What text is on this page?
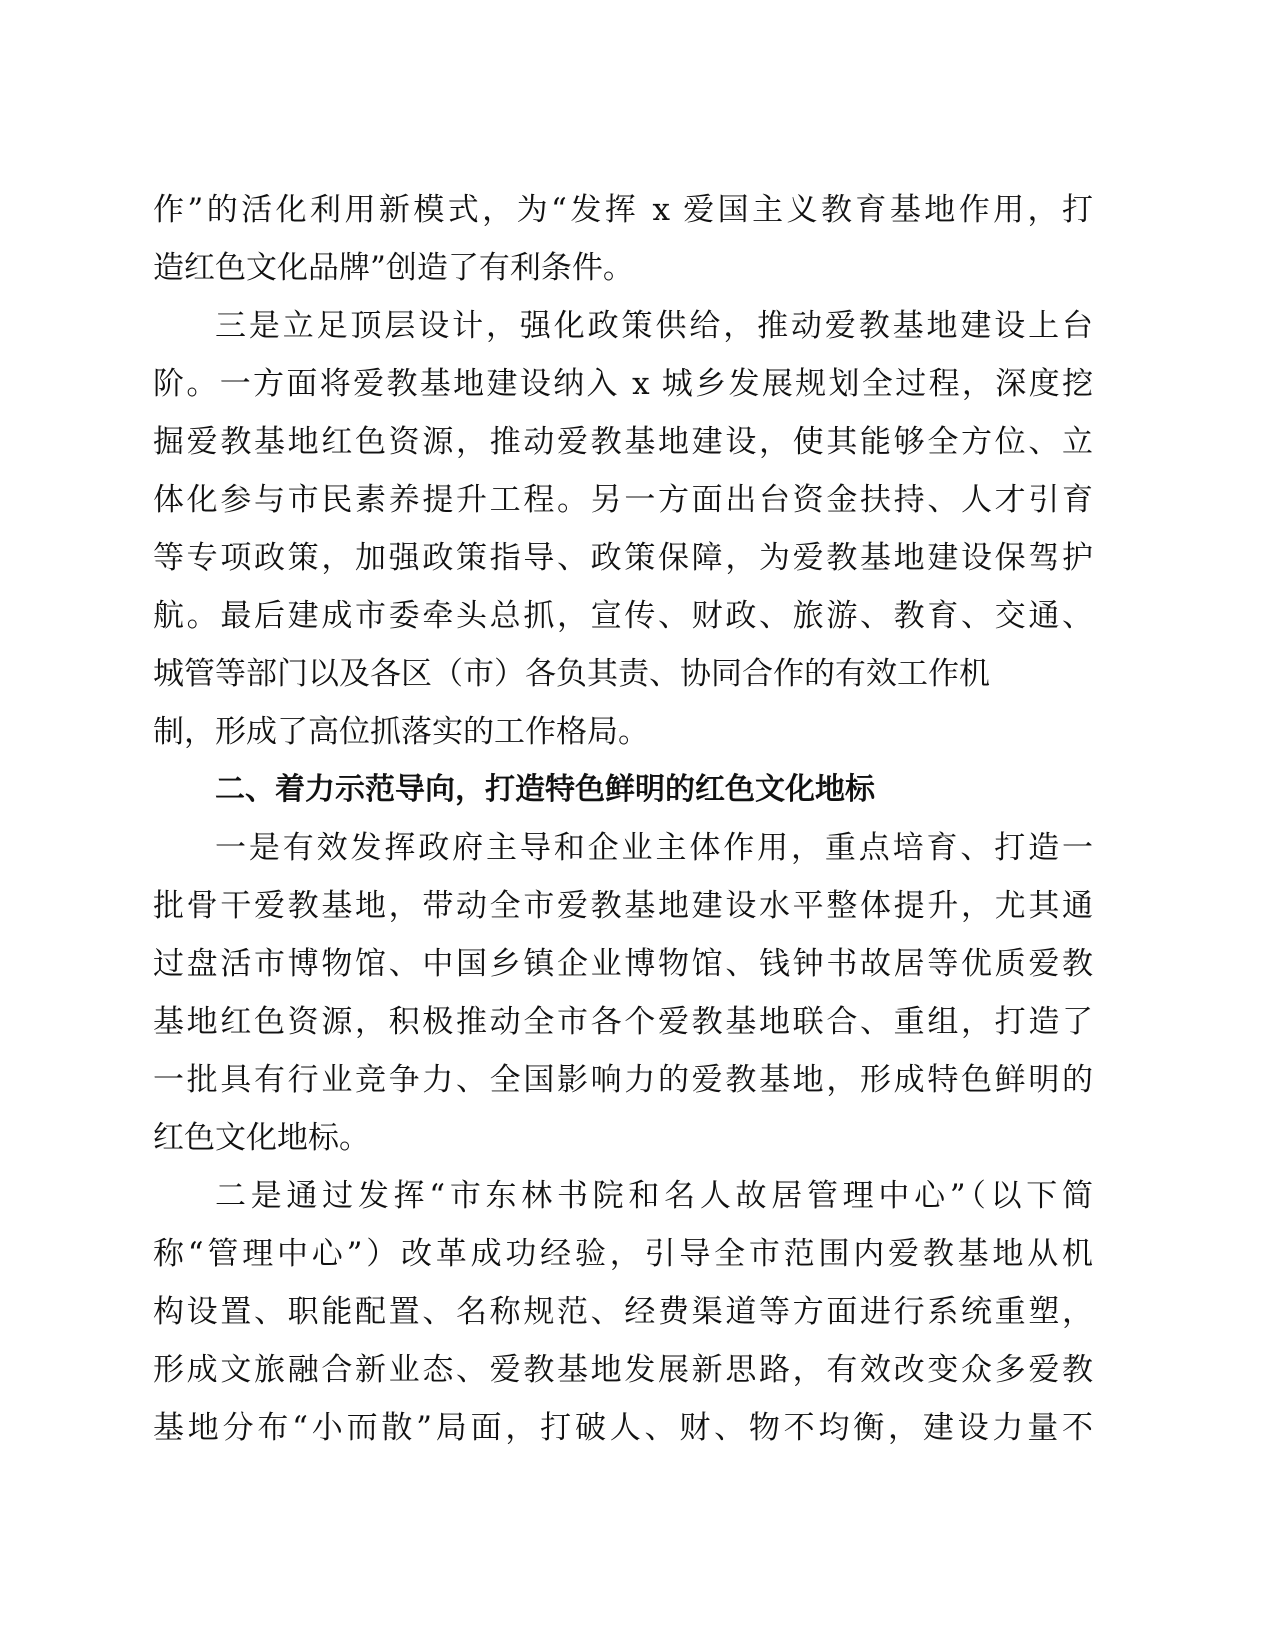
作”的活化利用新模式，为“发挥 x 爱国主义教育基地作用，打
造红色文化品牌”创造了有利条件。
三是立足顶层设计，强化政策供给，推动爱教基地建设上台
阶。一方面将爱教基地建设纳入 x 城乡发展规划全过程，深度挖
掘爱教基地红色资源，推动爱教基地建设，使其能够全方位、立
体化参与市民素养提升工程。另一方面出台资金扶持、人才引育
等专项政策，加强政策指导、政策保障，为爱教基地建设保驾护
航。最后建成市委牵头总抓，宣传、财政、旅游、教育、交通、
城管等部门以及各区（市）各负其责、协同合作的有效工作机
制，形成了高位抓落实的工作格局。
二、着力示范导向，打造特色鲜明的红色文化地标
一是有效发挥政府主导和企业主体作用，重点培育、打造一
批骨干爱教基地，带动全市爱教基地建设水平整体提升，尤其通
过盘活市博物馆、中国乡镇企业博物馆、钱钟书故居等优质爱教
基地红色资源，积极推动全市各个爱教基地联合、重组，打造了
一批具有行业竞争力、全国影响力的爱教基地，形成特色鲜明的
红色文化地标。
二是通过发挥“市东林书院和名人故居管理中心”（以下简
称“管理中心”）改革成功经验，引导全市范围内爱教基地从机
构设置、职能配置、名称规范、经费渠道等方面进行系统重塑，
形成文旅融合新业态、爱教基地发展新思路，有效改变众多爱教
基地分布“小而散”局面，打破人、财、物不均衡，建设力量不
